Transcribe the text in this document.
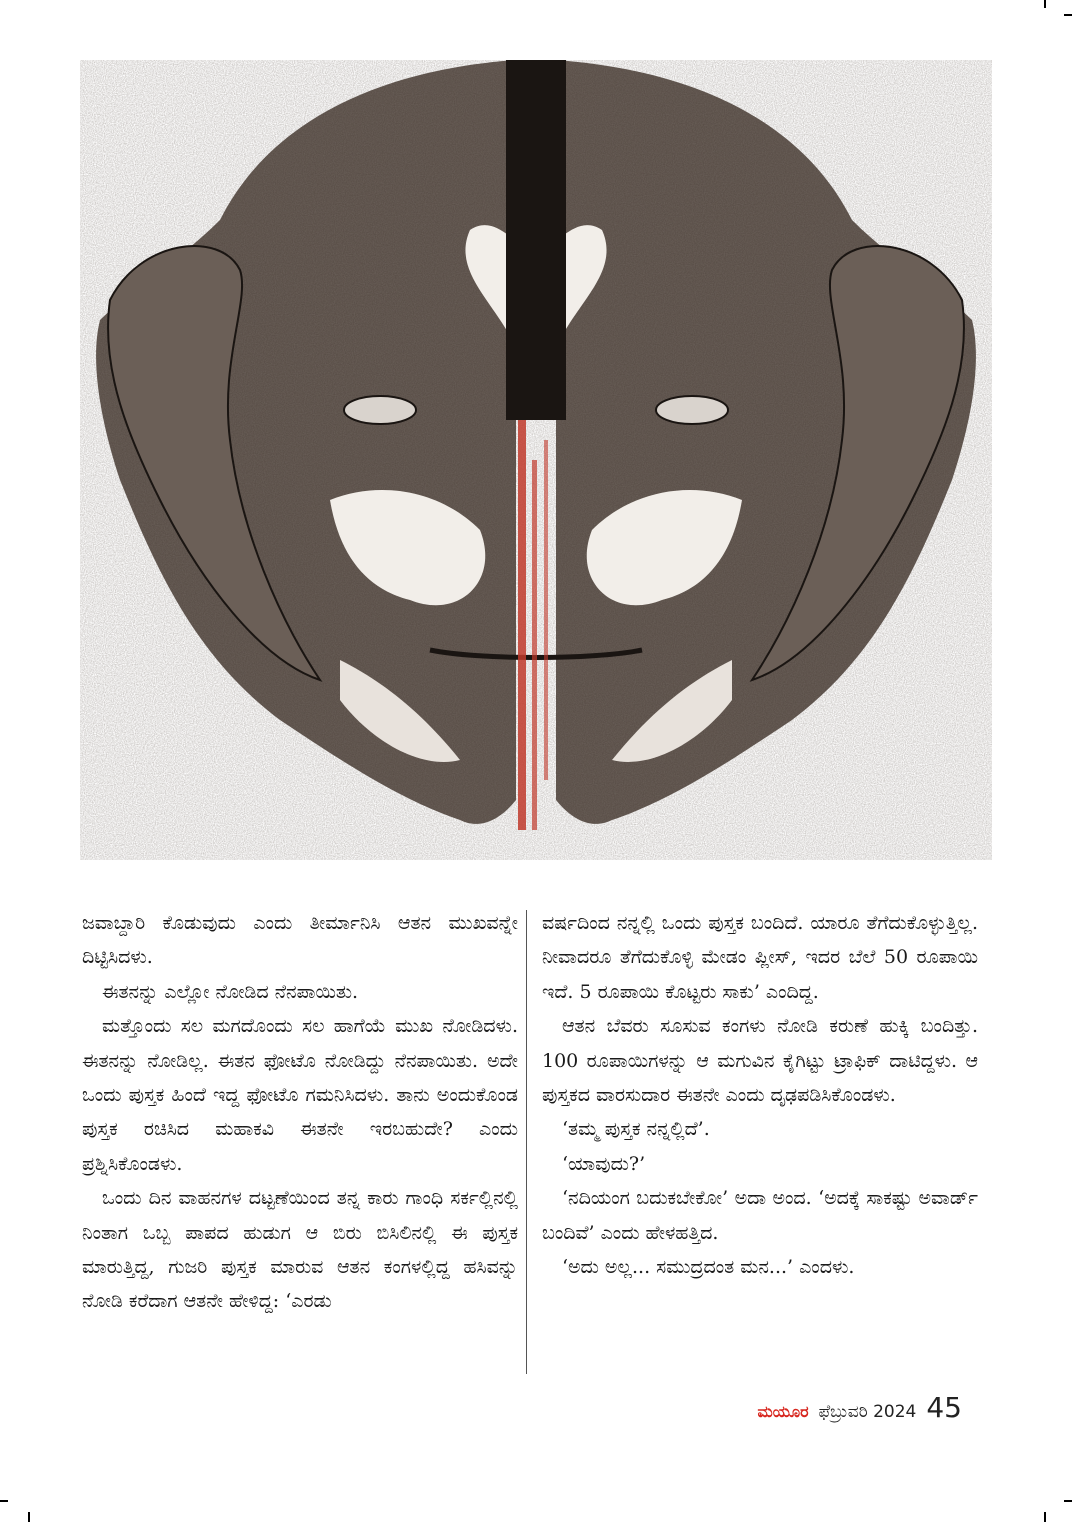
ಜವಾಬ್ದಾರಿ ಕೊಡುವುದು ಎಂದು ತೀರ್ಮಾನಿಸಿ ಆತನ ಮುಖವನ್ನೇ ದಿಟ್ಟಿಸಿದಳು.

ಈತನನ್ನು ಎಲ್ಲೋ ನೋಡಿದ ನೆನಪಾಯಿತು.

ಮತ್ತೊಂದು ಸಲ ಮಗದೊಂದು ಸಲ ಹಾಗೆಯೆ ಮುಖ ನೋಡಿದಳು. ಈತನನ್ನು ನೋಡಿಲ್ಲ. ಈತನ ಫೋಟೊ ನೋಡಿದ್ದು ನೆನಪಾಯಿತು. ಅದೇ ಒಂದು ಪುಸ್ತಕ ಹಿಂದೆ ಇದ್ದ ಫೋಟೊ ಗಮನಿಸಿದಳು. ತಾನು ಅಂದುಕೊಂಡ ಪುಸ್ತಕ ರಚಿಸಿದ ಮಹಾಕವಿ ಈತನೇ ಇರಬಹುದೇ? ಎಂದು ಪ್ರಶ್ನಿಸಿಕೊಂಡಳು.

ಒಂದು ದಿನ ವಾಹನಗಳ ದಟ್ಟಣೆಯಿಂದ ತನ್ನ ಕಾರು ಗಾಂಧಿ ಸರ್ಕಲ್ಲಿನಲ್ಲಿ ನಿಂತಾಗ ಒಬ್ಬ ಪಾಪದ ಹುಡುಗ ಆ ಬಿರು ಬಿಸಿಲಿನಲ್ಲಿ ಈ ಪುಸ್ತಕ ಮಾರುತ್ತಿದ್ದ, ಗುಜರಿ ಪುಸ್ತಕ ಮಾರುವ ಆತನ ಕಂಗಳಲ್ಲಿದ್ದ ಹಸಿವನ್ನು ನೋಡಿ ಕರೆದಾಗ ಆತನೇ ಹೇಳಿದ್ದ: ‘ಎರಡು

ವರ್ಷದಿಂದ ನನ್ನಲ್ಲಿ ಒಂದು ಪುಸ್ತಕ ಬಂದಿದೆ. ಯಾರೂ ತೆಗೆದುಕೊಳ್ಳುತ್ತಿಲ್ಲ. ನೀವಾದರೂ ತೆಗೆದುಕೊಳ್ಳಿ ಮೇಡಂ ಪ್ಲೀಸ್, ಇದರ ಬೆಲೆ 50 ರೂಪಾಯಿ ಇದೆ. 5 ರೂಪಾಯಿ ಕೊಟ್ಟರು ಸಾಕು’ ಎಂದಿದ್ದ.

ಆತನ ಬೆವರು ಸೂಸುವ ಕಂಗಳು ನೋಡಿ ಕರುಣೆ ಹುಕ್ಕಿ ಬಂದಿತ್ತು. 100 ರೂಪಾಯಿಗಳನ್ನು ಆ ಮಗುವಿನ ಕೈಗಿಟ್ಟು ಟ್ರಾಫಿಕ್ ದಾಟಿದ್ದಳು. ಆ ಪುಸ್ತಕದ ವಾರಸುದಾರ ಈತನೇ ಎಂದು ದೃಢಪಡಿಸಿಕೊಂಡಳು.

‘ತಮ್ಮ ಪುಸ್ತಕ ನನ್ನಲ್ಲಿದೆ’.

‘ಯಾವುದು?’

‘ನದಿಯಂಗ ಬದುಕಬೇಕೋ’ ಅದಾ ಅಂದ. ‘ಅದಕ್ಕೆ ಸಾಕಷ್ಟು ಅವಾರ್ಡ್ ಬಂದಿವೆ’ ಎಂದು ಹೇಳಹತ್ತಿದ.

‘ಅದು ಅಲ್ಲ... ಸಮುದ್ರದಂತ ಮನ...’ ಎಂದಳು.

ಮಯೂರ ಫೆಬ್ರುವರಿ 2024 45
